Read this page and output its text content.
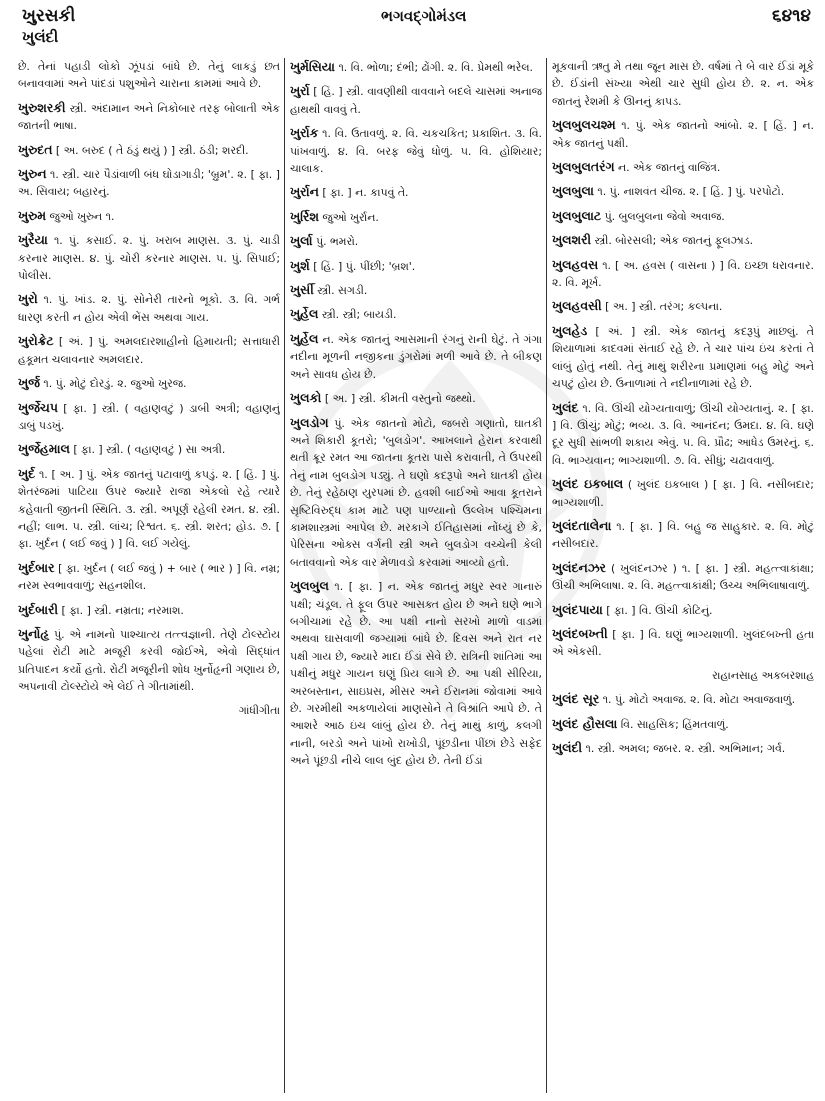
ખુરસકી	ભગવદ્ગોમંડલ	૬૪૧૪
ખુલંદી

છે. તેનાં પહાડી લોકો ઝૂંપડાં બાંધે છે. તેનું લાકડું છત બનાવવામાં અને પાંદડાં પશુઓને ચારાના કામમાં આવે છે.

ખુરુશરકી સ્ત્રી. અંદામાન અને નિકોબાર તરફ બોલાતી એક જાતની ભાષા.

ખુરુદત [ અ. બરુદ ( તે ઠંડું થયું ) ] સ્ત્રી. ઠંડી; શરદી.

ખુરુન ૧. સ્ત્રી. ચાર પૈડાંવાળી બંધ ઘોડાગાડી; 'બ્રુમ'. ૨. [ ફા. ] અ. સિવાય; બહારનું.

ખુરુમ જુઓ ખુરુન ૧.

ખુરૈયા ૧. પું. કસાઈ. ૨. પું. ખરાબ માણસ. ૩. પું. ચાડી કરનાર માણસ. ૪. પું. ચોરી કરનાર માણસ. ૫. પું. સિપાઈ; પોલીસ.

ખુરો ૧. પું. ખાંડ. ૨. પું. સોનેરી તારનો ભૂકો. ૩. વિ. ગર્ભ ધારણ કરતી ન હોય એવી ભેંસ અથવા ગાય.

ખુરોક્રેટ [ અં. ] પું. અમલદારશાહીનો હિમાયતી; સત્તાધારી હકૂમત ચલાવનાર અમલદાર.

ખુર્જ ૧. પું. મોટું દોરડું. ૨. જુઓ ખુરજ.

ખુર્જેચપ [ ફા. ] સ્ત્રી. ( વહાણવટું ) ડાબી અત્રી; વહાણનું ડાબું પડખું.

ખુર્જેહમાલ [ ફા. ] સ્ત્રી. ( વહાણવટું ) સા અત્રી.

ખુર્દ ૧. [ અ. ] પું. એક જાતનું પટાવાળું કપડું. ૨. [ હિં. ] પું. શેતરંજમાં પાટિયા ઉપર જ્યારે રાજા એકલો રહે ત્યારે કહેવાતી જીતની સ્થિતિ. ૩. સ્ત્રી. અપૂર્ણ રહેલી રમત. ૪. સ્ત્રી. નહીં; લાભ. ૫. સ્ત્રી. લાંચ; રિશ્વત. ૬. સ્ત્રી. શરત; હોડ. ૭. [ ફા. ખુર્દન ( લઈ જવું ) ] વિ. લઈ ગયેલું.

ખુર્દબાર [ ફા. ખુર્દન ( લઈ જવું ) + બાર ( ભાર ) ] વિ. નમ્ર; નરમ સ્વભાવવાળું; સહનશીલ.

ખુર્દબારી [ ફા. ] સ્ત્રી. નમ્રતા; નરમાશ.

ખુર્નોહૃ પું. એ નામનો પાશ્ચાત્ય તત્ત્વજ્ઞાની. તેણે ટોલ્સ્ટોય પહેલાં રોટી માટે મજૂરી કરવી જોઈએ, એવો સિદ્ધાંત પ્રતિપાદન કર્યો હતો. રોટી મજૂરીની શોધ ખુર્નોહૃની ગણાય છે, અપનાવી ટોલ્સ્ટોયે એ લેઈ તે ગીતામાંથી.

ગાંધીગીતા

ખુર્મસિયા ૧. વિ. ભોળા; દંભી; ઢોંગી. ૨. વિ. પ્રેમથી ભરેલ.

ખુર્રા [ હિં. ] સ્ત્રી. વાવણીથી વાવવાને બદલે ચાસમાં અનાજ હાથથી વાવવું તે.

ખુર્રાક ૧. વિ. ઉતાવળું. ૨. વિ. ચકચકિત; પ્રકાશિત. ૩. વિ. પાંખવાળું. ૪. વિ. બરફ જેવું ધોળું. ૫. વિ. હોશિયાર; ચાલાક.

ખુર્રાન [ ફા. ] ન. કાપવું તે.

ખુર્રિશ જુઓ ખુર્રાન.

ખુર્લા પું. ભમરો.

ખુર્શ [ હિં. ] પું. પીંછી; 'બ્રશ'.

ખુર્સી સ્ત્રી. સગડી.

ખુર્હેલ સ્ત્રી. સ્ત્રી; બાયડી.

ખુર્હેલ ન. એક જાતનું આસમાની રંગનું રાની ઘેટું. તે ગંગા નદીના મૂળની નજીકના ડુંગરોમાં મળી આવે છે. તે બીકણ અને સાવધ હોય છે.

ખુલકો [ અ. ] સ્ત્રી. કીમતી વસ્તુનો જથ્થો.

ખુલડોગ પું. એક જાતનો મોટો, જબરો ગણાતો, ઘાતકી અને શિકારી કૂતરો; 'બુલડોગ'. આખલાને હેરાન કરવાથી થતી ક્રૂર રમત આ જાતના કૂતરા પાસે કરાવાતી, તે ઉપરથી તેનું નામ બુલડોગ પડ્યું. તે ઘણો કદરૂપો અને ઘાતકી હોય છે. તેનું રહેઠાણ યુરપમાં છે. હવશી બાઈઓ આવા કૂતરાને સૃષ્ટિવિરુદ્ધ કામ માટે પણ પાળ્યાનો ઉલ્લેખ પશ્ચિમના કામશાસ્ત્રમાં આપેલ છે. મરકાગે ઈતિહાસમાં નોંધ્યું છે કે, પેરિસના ઓક્સ વર્ગની સ્ત્રી અને બુલડોગ વચ્ચેની કેલી બતાવવાનો એક વાર મેળાવડો કરવામાં આવ્યો હતો.

ખુલબુલ ૧. [ ફા. ] ન. એક જાતનું મધુર સ્વર ગાનારું પક્ષી; ચંડૂલ. તે ફૂલ ઉપર આસક્ત હોય છે અને ઘણે ભાગે બગીચામાં રહે છે. આ પક્ષી નાનો સરખો માળો વાડમાં અથવા ઘાસવાળી જગ્યામાં બાંધે છે. દિવસ અને રાત નર પક્ષી ગાય છે, જ્યારે માદા ઈંડાં સેવે છે. રાત્રિની શાંતિમાં આ પક્ષીનું મધુર ગાયન ઘણું પ્રિય લાગે છે. આ પક્ષી સીરિયા, અરબસ્તાન, સાઇપ્રસ, મીસર અને ઈરાનમાં જોવામાં આવે છે. ગરમીથી અકળાયેલાં માણસોને તે વિશ્રાંતિ આપે છે. તે આશરે આઠ ઇંચ લાંબું હોય છે. તેનું માથું કાળું, કલગી નાની, બરડો અને પાંખો રાખોડી, પૂંછડીના પીંછાં છેડે સફેદ અને પૂંછડી નીચે લાલ બુંદ હોય છે. તેની ઈંડાં

મૂકવાની ઋતુ મે તથા જૂન માસ છે. વર્ષમાં તે બે વાર ઈંડાં મૂકે છે. ઈંડાંની સંખ્યા એથી ચાર સુધી હોય છે. ૨. ન. એક જાતનું રેશમી કે ઊનનું કાપડ.

ખુલબુલચશ્મ ૧. પું. એક જાતનો આંબો. ૨. [ હિં. ] ન. એક જાતનું પક્ષી.

ખુલબુલતરંગ ન. એક જાતનું વાજિંત્ર.

ખુલબુલા ૧. પું. નાશવંત ચીજ. ૨. [ હિં. ] પું. પરપોટો.

ખુલબુલાટ પું. બુલબુલના જેવો અવાજ.

ખુલશરી સ્ત્રી. બોરસલી; એક જાતનું ફૂલઝાડ.

ખુલહવસ ૧. [ અ. હવસ ( વાસના ) ] વિ. ઇચ્છા ધરાવનાર. ૨. વિ. મૂર્ખ.

ખુલહવસી [ અ. ] સ્ત્રી. તરંગ; કલ્પના.

ખુલહેડ [ અં. ] સ્ત્રી. એક જાતનું કદરૂપું માછલું. તે શિયાળામાં કાદવમાં સંતાઈ રહે છે. તે ચાર પાંચ ઇંચ કરતાં તે લાંબું હોતું નથી. તેનું માથું શરીરના પ્રમાણમાં બહુ મોટું અને ચપટું હોય છે. ઉનાળામાં તે નદીનાળામાં રહે છે.

ખુલંદ ૧. વિ. ઊંચી યોગ્યતાવાળું; ઊંચી યોગ્યતાનું. ૨. [ ફા. ] વિ. ઊંચું; મોટું; ભવ્ય. ૩. વિ. આનંદન; ઉમદા. ૪. વિ. ઘણે દૂર સુધી સાંભળી શકાય એવું. ૫. વિ. પ્રૌઢ; આધેડ ઉમરનું. ૬. વિ. ભાગ્યવાન; ભાગ્યશાળી. ૭. વિ. સીધું; ચઢાવવાળું.

ખુલંદ ઇકબાલ ( ખુલંદ ઇકબાલ ) [ ફા. ] વિ. નસીબદાર; ભાગ્યશાળી.

ખુલંદતાલેના ૧. [ ફા. ] વિ. બહુ જ સાહુકાર. ૨. વિ. મોટું નસીબદાર.

ખુલંદનઝર ( ખુલંદનઝર ) ૧. [ ફા. ] સ્ત્રી. મહત્ત્વાકાંક્ષા; ઊંચી અભિલાષા. ૨. વિ. મહત્ત્વાકાંક્ષી; ઉચ્ચ અભિલાષાવાળું.

ખુલંદપાયા [ ફા. ] વિ. ઊંચી કોટિનું.

ખુલંદબખ્તી [ ફા. ] વિ. ઘણું ભાગ્યશાળી. ખુલંદબખ્તી હતા એ એકસી.

રાહાનસાહ અકબરશાહ

ખુલંદ સૂર ૧. પું. મોટો અવાજ. ૨. વિ. મોટા અવાજવાળું.

ખુલંદ હૌસલા વિ. સાહસિક; હિંમતવાળું.

ખુલંદી ૧. સ્ત્રી. અમલ; જબર. ૨. સ્ત્રી. અભિમાન; ગર્વ.
